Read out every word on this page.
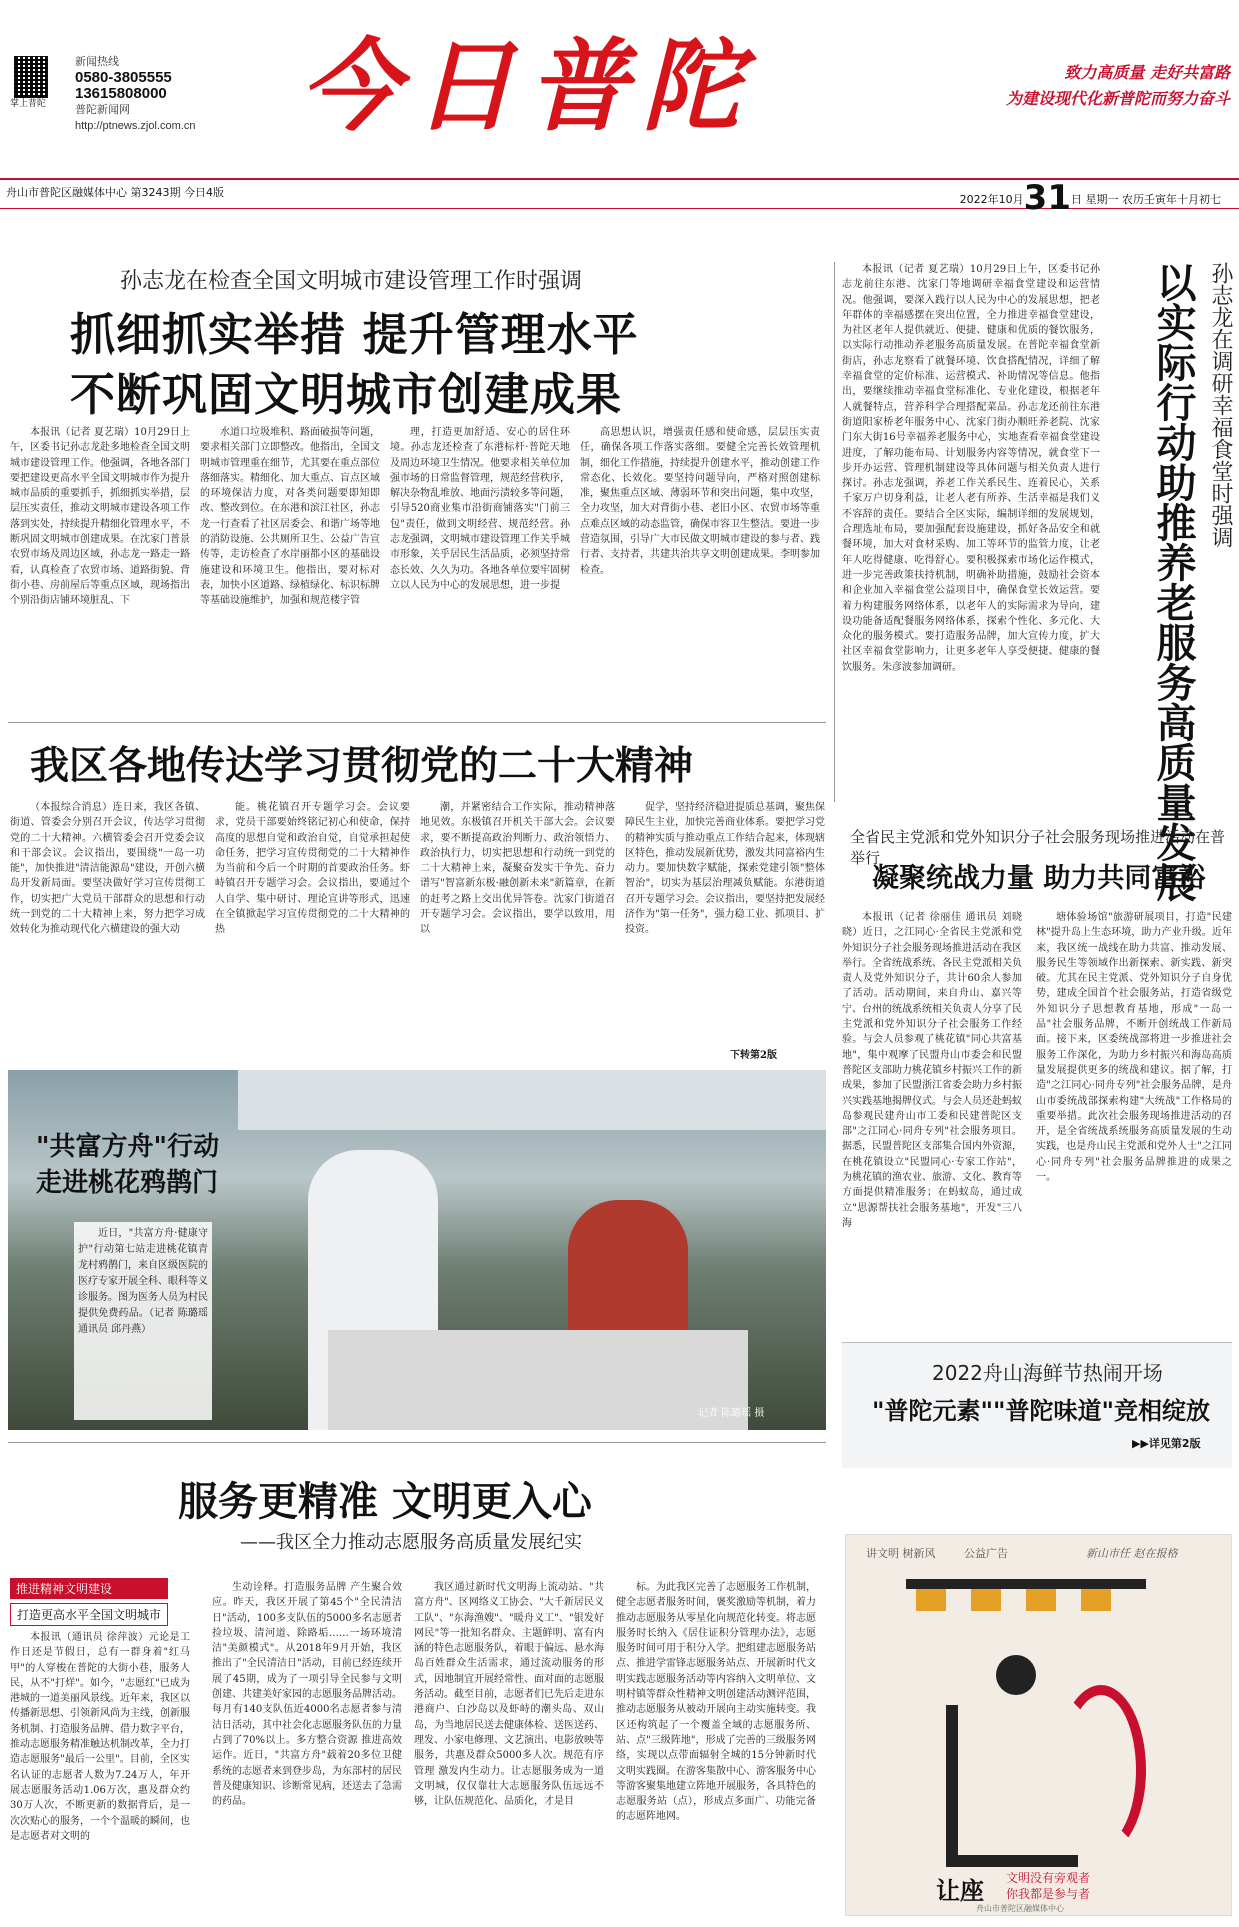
掌上普陀
新闻热线
0580-3805555
13615808000
普陀新闻网
http://ptnews.zjol.com.cn 今日普陀	致力高质量 走好共富路
为建设现代化新普陀而努力奋斗
舟山市普陀区融媒体中心 第3243期 今日4版
2022年10月31日 星期一 农历壬寅年十月初七
孙志龙在检查全国文明城市建设管理工作时强调
抓细抓实举措 提升管理水平
不断巩固文明城市创建成果

本报讯（记者 夏艺瑞）10月29日上午，区委书记孙志龙赴多地检查全国文明城市建设管理工作。他强调，各地各部门要把建设更高水平全国文明城市作为提升城市品质的重要抓手，抓细抓实举措，层层压实责任，推动文明城市建设各项工作落到实处，持续提升精细化管理水平，不断巩固文明城市创建成果。在沈家门普景农贸市场及周边区域，孙志龙一路走一路看，认真检查了农贸市场、道路街貌、背街小巷、房前屋后等重点区域，现场指出个别沿街店铺环境脏乱、下

水道口垃圾堆积、路面破损等问题，要求相关部门立即整改。他指出，全国文明城市管理重在细节，尤其要在重点部位落细落实。精细化、加大重点、盲点区域的环境保洁力度，对各类问题要即知即改、整改到位。在东港和滨江社区，孙志龙一行查看了社区居委会、和谐广场等地的消防设施、公共厕所卫生、公益广告宣传等，走访检查了水岸丽都小区的基础设施建设和环境卫生。他指出，要对标对表，加快小区道路、绿植绿化、标识标牌等基础设施维护，加强和规范楼宇管

理，打造更加舒适、安心的居住环境。孙志龙还检查了东港标杆·普陀天地及周边环境卫生情况。他要求相关单位加强市场的日常监督管理，规范经营秩序，解决杂物乱堆放、地面污渍较多等问题，引导520商业集市沿街商铺落实"门前三包"责任，做到文明经营、规范经营。孙志龙强调，文明城市建设管理工作关乎城市形象，关乎居民生活品质，必须坚持常态长效、久久为功。各地各单位要牢固树立以人民为中心的发展思想，进一步提

高思想认识，增强责任感和使命感，层层压实责任，确保各项工作落实落细。要健全完善长效管理机制，细化工作措施，持续提升创建水平，推动创建工作常态化、长效化。要坚持问题导向，严格对照创建标准，聚焦重点区域、薄弱环节和突出问题，集中攻坚，全力攻坚，加大对背街小巷、老旧小区、农贸市场等重点难点区域的动态监管，确保市容卫生整洁。要进一步营造氛围，引导广大市民做文明城市建设的参与者、践行者、支持者，共建共治共享文明创建成果。李明参加检查。

本报讯（记者 夏艺瑞）10月29日上午，区委书记孙志龙前往东港、沈家门等地调研幸福食堂建设和运营情况。他强调，要深入践行以人民为中心的发展思想，把老年群体的幸福感摆在突出位置，全力推进幸福食堂建设，为社区老年人提供就近、便捷、健康和优质的餐饮服务，以实际行动推动养老服务高质量发展。在普陀幸福食堂新街店，孙志龙察看了就餐环境、饮食搭配情况，详细了解幸福食堂的定价标准、运营模式、补助情况等信息。他指出，要继续推动幸福食堂标准化、专业化建设，根据老年人就餐特点，营养科学合理搭配菜品。孙志龙还前往东港街道阳家桥老年服务中心、沈家门街办顺旺养老院、沈家门东大街16号幸福养老服务中心，实地查看幸福食堂建设进度，了解功能布局、计划服务内容等情况，就食堂下一步开办运营、管理机制建设等具体问题与相关负责人进行探讨。孙志龙强调，养老工作关系民生、连着民心，关系千家万户切身利益，让老人老有所养、生活幸福是我们义不容辞的责任。要结合全区实际，编制详细的发展规划，合理选址布局，要加强配套设施建设，抓好各品安全和就餐环境，加大对食材采购、加工等环节的监管力度，让老年人吃得健康、吃得舒心。要积极探索市场化运作模式，进一步完善政策扶持机制，明确补助措施，鼓励社会资本和企业加入幸福食堂公益项目中，确保食堂长效运营。要着力构建服务网络体系，以老年人的实际需求为导向，建设功能备适配餐服务网络体系，探索个性化、多元化、大众化的服务模式。要打造服务品牌，加大宣传力度，扩大社区幸福食堂影响力，让更多老年人享受便捷、健康的餐饮服务。朱彦波参加调研。	以实际行动助推养老服务高质量发展 孙志龙在调研幸福食堂时强调
我区各地传达学习贯彻党的二十大精神

（本报综合消息）连日来，我区各镇、街道、管委会分别召开会议，传达学习贯彻党的二十大精神。六横管委会召开党委会议和干部会议。会议指出，要围绕"一岛一功能"，加快推进"清洁能源岛"建设，开创六横岛开发新局面。要坚决做好学习宣传贯彻工作，切实把广大党员干部群众的思想和行动统一到党的二十大精神上来，努力把学习成效转化为推动现代化六横建设的强大动

能。桃花镇召开专题学习会。会议要求，党员干部要始终铭记初心和使命，保持高度的思想自觉和政治自觉，自觉承担起使命任务，把学习宣传贯彻党的二十大精神作为当前和今后一个时期的首要政治任务。虾峙镇召开专题学习会。会议指出，要通过个人自学、集中研讨、理论宣讲等形式，迅速在全镇掀起学习宣传贯彻党的二十大精神的热

潮，并紧密结合工作实际，推动精神落地见效。东极镇召开机关干部大会。会议要求，要不断提高政治判断力、政治领悟力、政治执行力，切实把思想和行动统一到党的二十大精神上来，凝聚奋发实干争先、奋力谱写"智富新东极·融创新未来"新篇章，在新的赶考之路上交出优异答卷。沈家门街道召开专题学习会。会议指出，要学以致用，用以

促学，坚持经济稳进提质总基调，聚焦保障民生主业，加快完善商业体系。要把学习党的精神实质与推动重点工作结合起来，体现辖区特色，推动发展新优势，激发共同富裕内生动力。要加快数字赋能，探索党建引领"整体智治"，切实为基层治理减负赋能。东港街道召开专题学习会。会议指出，要坚持把发展经济作为"第一任务"，强力稳工业、抓项目、扩投资。

下转第2版
记者 陈璐瑶 摄
"共富方舟"行动
走进桃花鸦鹊门

近日，"共富方舟·健康守护"行动第七站走进桃花镇青龙村鸦鹊门，来自区级医院的医疗专家开展全科、眼科等义诊服务。图为医务人员为村民提供免费药品。（记者 陈璐瑶 通讯员 邱丹燕）

全省民主党派和党外知识分子社会服务现场推进活动在普举行
凝聚统战力量 助力共同富裕

本报讯（记者 徐丽佳 通讯员 刘晓晓）近日，之江同心·全省民主党派和党外知识分子社会服务现场推进活动在我区举行。全省统战系统、各民主党派相关负责人及党外知识分子，共计60余人参加了活动。活动期间，来自舟山、嘉兴等宁、台州的统战系统相关负责人分享了民主党派和党外知识分子社会服务工作经验。与会人员参观了桃花镇"同心共富基地"，集中观摩了民盟舟山市委会和民盟普陀区支部助力桃花镇乡村振兴工作的新成果，参加了民盟浙江省委会助力乡村振兴实践基地揭牌仪式。与会人员还赴蚂蚁岛参观民建舟山市工委和民建普陀区支部"之江同心·同舟专列"社会服务项目。据悉，民盟普陀区支部集合国内外资源，在桃花镇设立"民盟同心·专家工作站"，为桃花镇的渔农业、旅游、文化、教育等方面提供精准服务；在蚂蚁岛，通过成立"思源帮扶社会服务基地"，开发"三八海

塘体验场馆"旅游研展项目，打造"民建林"提升岛上生态环境，助力产业升级。近年来，我区统一战线在助力共富、推动发展、服务民生等领域作出新探索、新实践、新突破。尤其在民主党派、党外知识分子自身优势，建成全国首个社会服务站，打造省级党外知识分子思想教育基地，形成"一岛一品"社会服务品牌，不断开创统战工作新局面。接下来，区委统战部将进一步推进社会服务工作深化，为助力乡村振兴和海岛高质量发展提供更多的统战和建议。据了解，打造"之江同心·同舟专列"社会服务品牌，是舟山市委统战部探索构建"大统战"工作格局的重要举措。此次社会服务现场推进活动的召开，是全省统战系统服务高质量发展的生动实践，也是舟山民主党派和党外人士"之江同心·同舟专列"社会服务品牌推进的成果之一。

2022舟山海鲜节热闹开场
"普陀元素""普陀味道"竞相绽放
▶▶详见第2版
服务更精准 文明更入心
——我区全力推动志愿服务高质量发展纪实
推进精神文明建设
打造更高水平全国文明城市

本报讯（通讯员 徐萍波）元论是工作日还是节假日，总有一群身着"红马甲"的人穿梭在普陀的大街小巷，服务人民，从不"打烊"。如今，"志愿红"已成为港城的一道美丽风景线。近年来，我区以传播新思想、引领新风尚为主线，创新服务机制、打造服务品牌、借力数字平台，推动志愿服务精准触达机制改革，全力打造志愿服务"最后一公里"。目前，全区实名认证的志愿者人数为7.24万人，年开展志愿服务活动1.06万次，惠及群众约30万人次，不断更新的数据背后，是一次次贴心的服务，一个个温暖的瞬间，也是志愿者对文明的

生动诠释。打造服务品牌 产生聚合效应。昨天，我区开展了第45个"全民清洁日"活动，100多支队伍的5000多名志愿者捡垃圾、清河道、除路垢……一场环境清洁"美颜模式"。从2018年9月开始，我区推出了"全民清洁日"活动，目前已经连续开展了45期，成为了一项引导全民参与文明创建、共建美好家园的志愿服务品牌活动。每月有140支队伍近4000名志愿者参与清洁日活动，其中社会化志愿服务队伍的力量占到了70%以上。多方整合资源 推进高效运作。近日，"共富方舟"载着20多位卫健系统的志愿者来到登步岛，为东部村的居民普及健康知识、诊断常见病，还送去了急需的药品。

我区通过新时代文明海上流动站、"共富方舟"、区网络义工协会、"大千新居民义工队"、"东海渔嫂"、"暖舟义工"、"银发好网民"等一批知名群众、主题鲜明、富有内涵的特色志愿服务队，着眼于偏远、悬水海岛百姓群众生活需求，通过流动服务的形式，因地制宜开展经常性、面对面的志愿服务活动。截至目前，志愿者们已先后走进东港商户、白沙岛以及虾峙的潮头岛、双山岛，为当地居民送去健康体检、送医送药、理发、小家电修理、文艺演出、电影放映等服务，共惠及群众5000多人次。规范有序管理 激发内生动力。让志愿服务成为一道文明城，仅仅靠壮大志愿服务队伍远远不够，让队伍规范化、品质化，才是目

标。为此我区完善了志愿服务工作机制，健全志愿者服务时间，褒奖激励等机制，着力推动志愿服务从零星化向规范化转变。将志愿服务时长纳入《居住证积分管理办法》，志愿服务时间可用于积分入学。把组建志愿服务站点、推进学雷锋志愿服务站点、开展新时代文明实践志愿服务活动等内容纳入文明单位、文明村镇等群众性精神文明创建活动测评范围，推动志愿服务从被动开展向主动实施转变。我区还构筑起了一个覆盖全域的志愿服务所、站、点"三级阵地"，形成了完善的三级服务网络，实现以点带面辐射全城的15分钟新时代文明实践圈。在游客集散中心、游客服务中心等游客聚集地建立阵地开展服务，各具特色的志愿服务站（点），形成点多面广、功能完备的志愿阵地网。

讲文明 树新风	公益广告	新山市任 赵在报格
让座 文明没有旁观者
你我都是参与者
舟山市普陀区融媒体中心
